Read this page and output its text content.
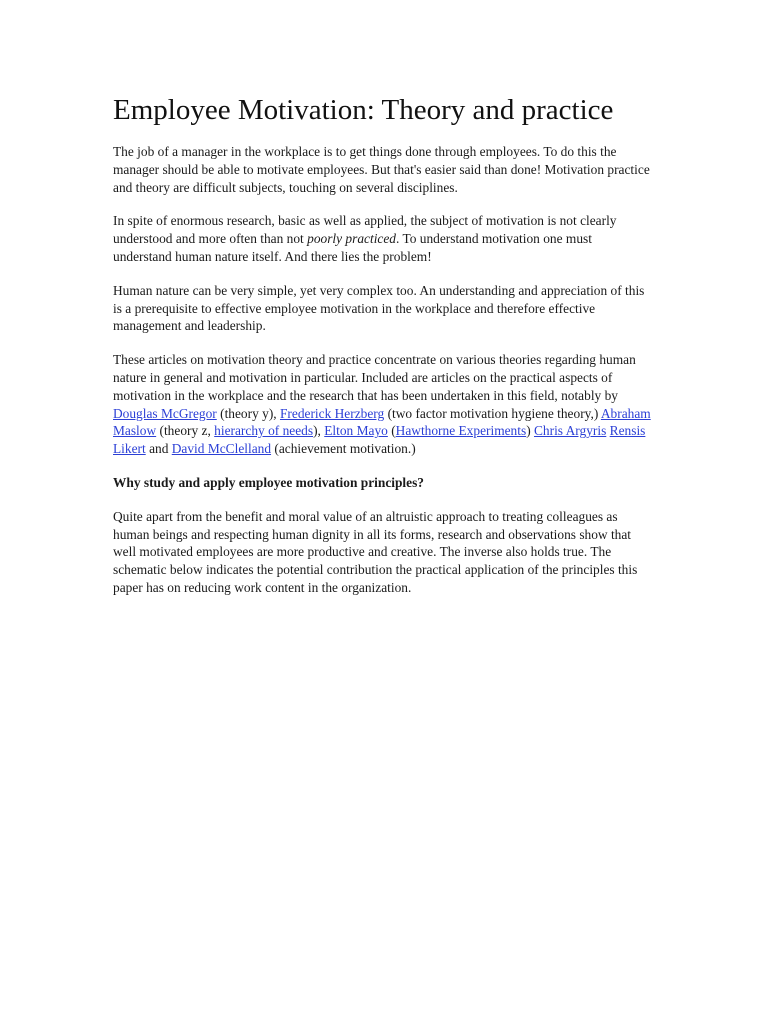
Employee Motivation: Theory and practice

The job of a manager in the workplace is to get things done through employees. To do this the manager should be able to motivate employees. But that's easier said than done! Motivation practice and theory are difficult subjects, touching on several disciplines.

In spite of enormous research, basic as well as applied, the subject of motivation is not clearly understood and more often than not poorly practiced. To understand motivation one must understand human nature itself. And there lies the problem!

Human nature can be very simple, yet very complex too. An understanding and appreciation of this is a prerequisite to effective employee motivation in the workplace and therefore effective management and leadership.

These articles on motivation theory and practice concentrate on various theories regarding human nature in general and motivation in particular. Included are articles on the practical aspects of motivation in the workplace and the research that has been undertaken in this field, notably by Douglas McGregor (theory y), Frederick Herzberg (two factor motivation hygiene theory,) Abraham Maslow (theory z, hierarchy of needs), Elton Mayo (Hawthorne Experiments) Chris Argyris Rensis Likert and David McClelland (achievement motivation.)

Why study and apply employee motivation principles?

Quite apart from the benefit and moral value of an altruistic approach to treating colleagues as human beings and respecting human dignity in all its forms, research and observations show that well motivated employees are more productive and creative. The inverse also holds true. The schematic below indicates the potential contribution the practical application of the principles this paper has on reducing work content in the organization.
